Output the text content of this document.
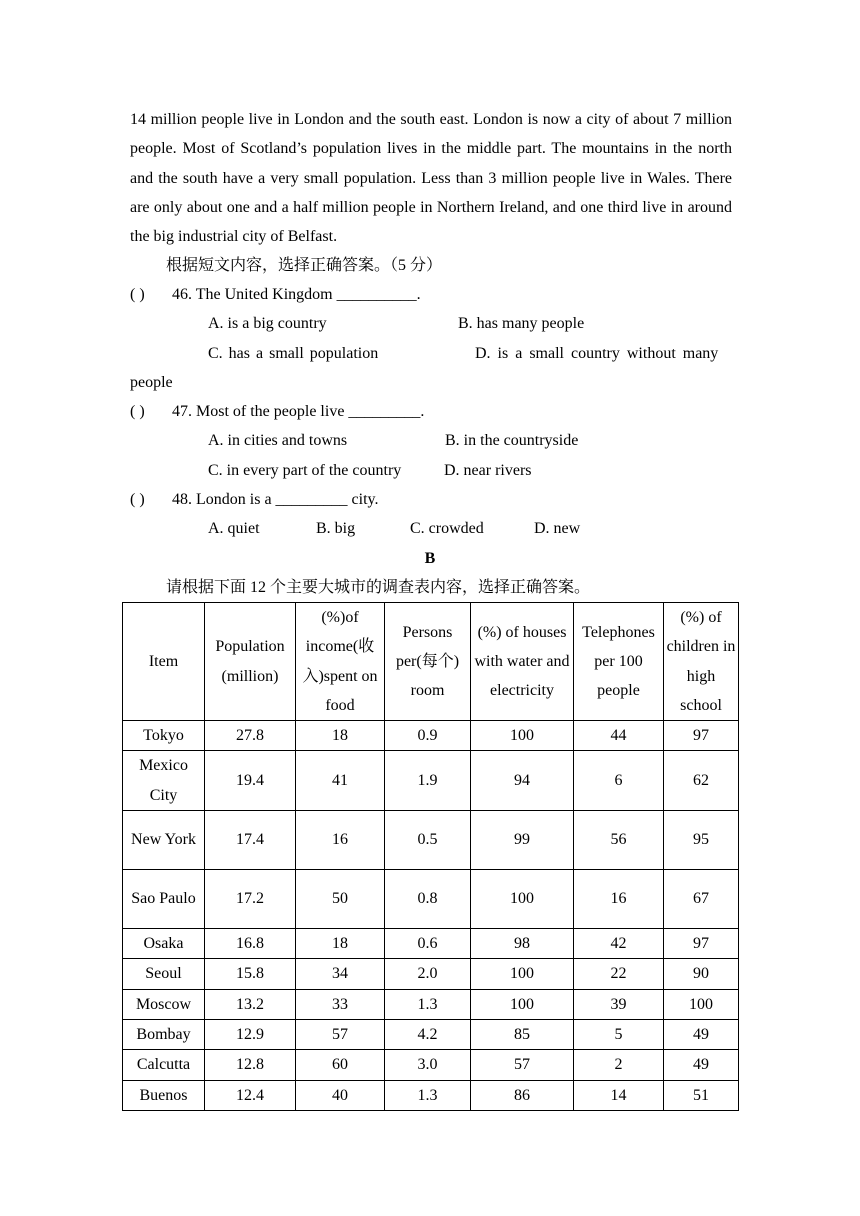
14 million people live in London and the south east. London is now a city of about 7 million people. Most of Scotland’s population lives in the middle part. The mountains in the north and the south have a very small population. Less than 3 million people live in Wales. There are only about one and a half million people in Northern Ireland, and one third live in around the big industrial city of Belfast.
根据短文内容，选择正确答案。（5 分）
( ) 46. The United Kingdom __________.
A. is a big country	B. has many people
C. has a small population	D. is a small country without many
people
( ) 47. Most of the people live _________.
A. in cities and towns	B. in the countryside
C. in every part of the country	D. near rivers
( ) 48. London is a _________ city.
A. quiet	B. big	C. crowded	D. new
B
请根据下面 12 个主要大城市的调查表内容，选择正确答案。
Item	Population (million)	(%)of income(收入)spent on food	Persons per(每个) room	(%) of houses with water and electricity	Telephones per 100 people	(%) of children in high school
Tokyo	27.8	18	0.9	100	44	97
Mexico City	19.4	41	1.9	94	6	62
New York	17.4	16	0.5	99	56	95
Sao Paulo	17.2	50	0.8	100	16	67
Osaka	16.8	18	0.6	98	42	97
Seoul	15.8	34	2.0	100	22	90
Moscow	13.2	33	1.3	100	39	100
Bombay	12.9	57	4.2	85	5	49
Calcutta	12.8	60	3.0	57	2	49
Buenos	12.4	40	1.3	86	14	51
